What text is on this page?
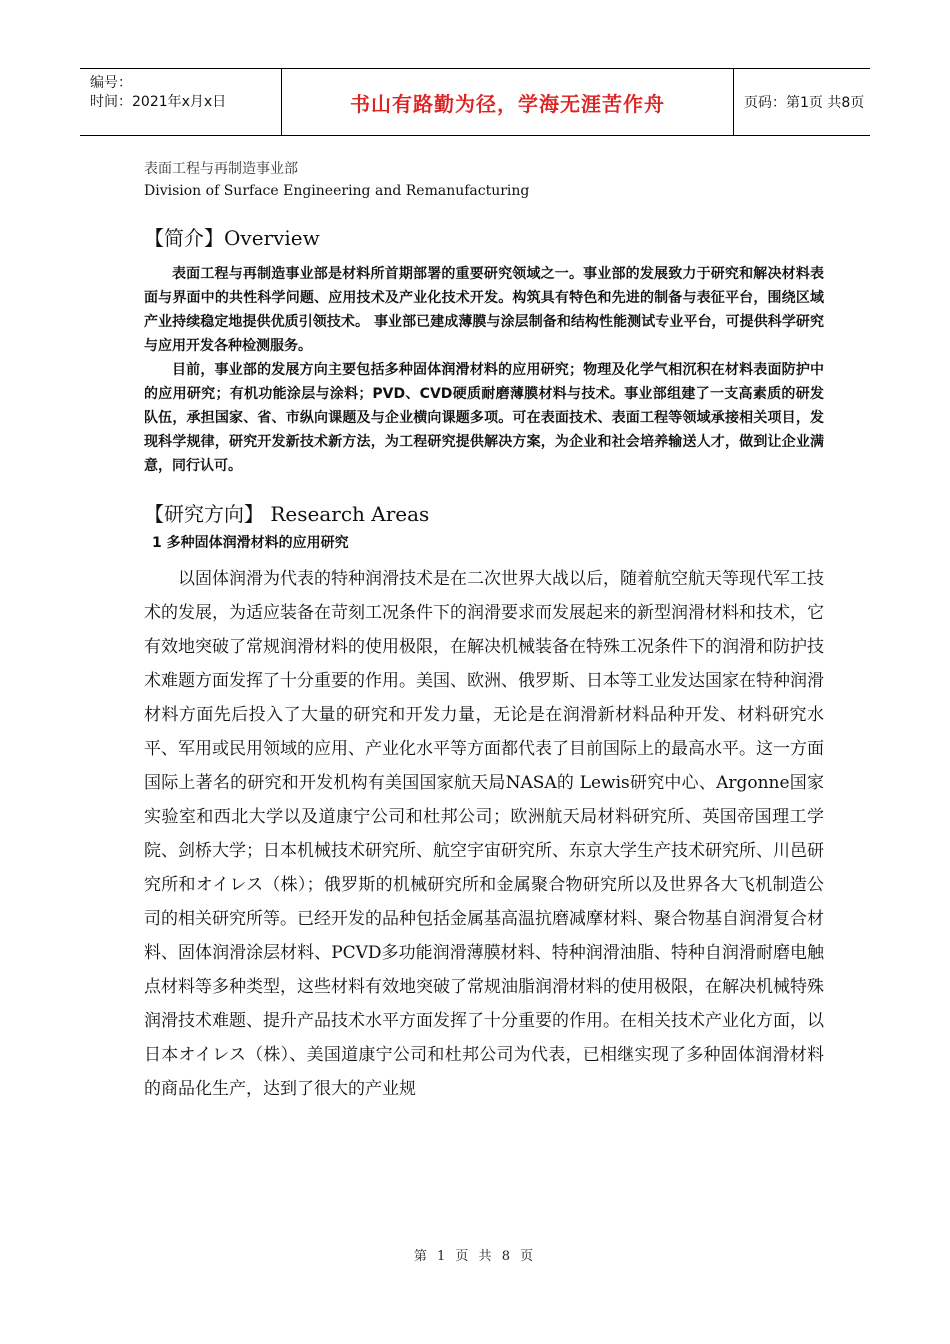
编号：
时间：2021年x月x日	书山有路勤为径，学海无涯苦作舟	页码：第1页 共8页
表面工程与再制造事业部
Division of Surface Engineering and Remanufacturing
【简介】Overview

表面工程与再制造事业部是材料所首期部署的重要研究领域之一。事业部的发展致力于研究和解决材料表面与界面中的共性科学问题、应用技术及产业化技术开发。构筑具有特色和先进的制备与表征平台，围绕区域产业持续稳定地提供优质引领技术。 事业部已建成薄膜与涂层制备和结构性能测试专业平台，可提供科学研究与应用开发各种检测服务。

目前，事业部的发展方向主要包括多种固体润滑材料的应用研究；物理及化学气相沉积在材料表面防护中的应用研究；有机功能涂层与涂料；PVD、CVD硬质耐磨薄膜材料与技术。事业部组建了一支高素质的研发队伍，承担国家、省、市纵向课题及与企业横向课题多项。可在表面技术、表面工程等领域承接相关项目，发现科学规律，研究开发新技术新方法，为工程研究提供解决方案，为企业和社会培养输送人才，做到让企业满意，同行认可。

【研究方向】 Research Areas
1 多种固体润滑材料的应用研究

以固体润滑为代表的特种润滑技术是在二次世界大战以后，随着航空航天等现代军工技术的发展，为适应装备在苛刻工况条件下的润滑要求而发展起来的新型润滑材料和技术，它有效地突破了常规润滑材料的使用极限，在解决机械装备在特殊工况条件下的润滑和防护技术难题方面发挥了十分重要的作用。美国、欧洲、俄罗斯、日本等工业发达国家在特种润滑材料方面先后投入了大量的研究和开发力量，无论是在润滑新材料品种开发、材料研究水平、军用或民用领域的应用、产业化水平等方面都代表了目前国际上的最高水平。这一方面国际上著名的研究和开发机构有美国国家航天局NASA的 Lewis研究中心、Argonne国家实验室和西北大学以及道康宁公司和杜邦公司；欧洲航天局材料研究所、英国帝国理工学院、剑桥大学；日本机械技术研究所、航空宇宙研究所、东京大学生产技术研究所、川邑研究所和オイレス（株）；俄罗斯的机械研究所和金属聚合物研究所以及世界各大飞机制造公司的相关研究所等。已经开发的品种包括金属基高温抗磨减摩材料、聚合物基自润滑复合材料、固体润滑涂层材料、PCVD多功能润滑薄膜材料、特种润滑油脂、特种自润滑耐磨电触点材料等多种类型，这些材料有效地突破了常规油脂润滑材料的使用极限，在解决机械特殊润滑技术难题、提升产品技术水平方面发挥了十分重要的作用。在相关技术产业化方面，以日本オイレス（株）、美国道康宁公司和杜邦公司为代表，已相继实现了多种固体润滑材料的商品化生产，达到了很大的产业规

第 1 页 共 8 页
